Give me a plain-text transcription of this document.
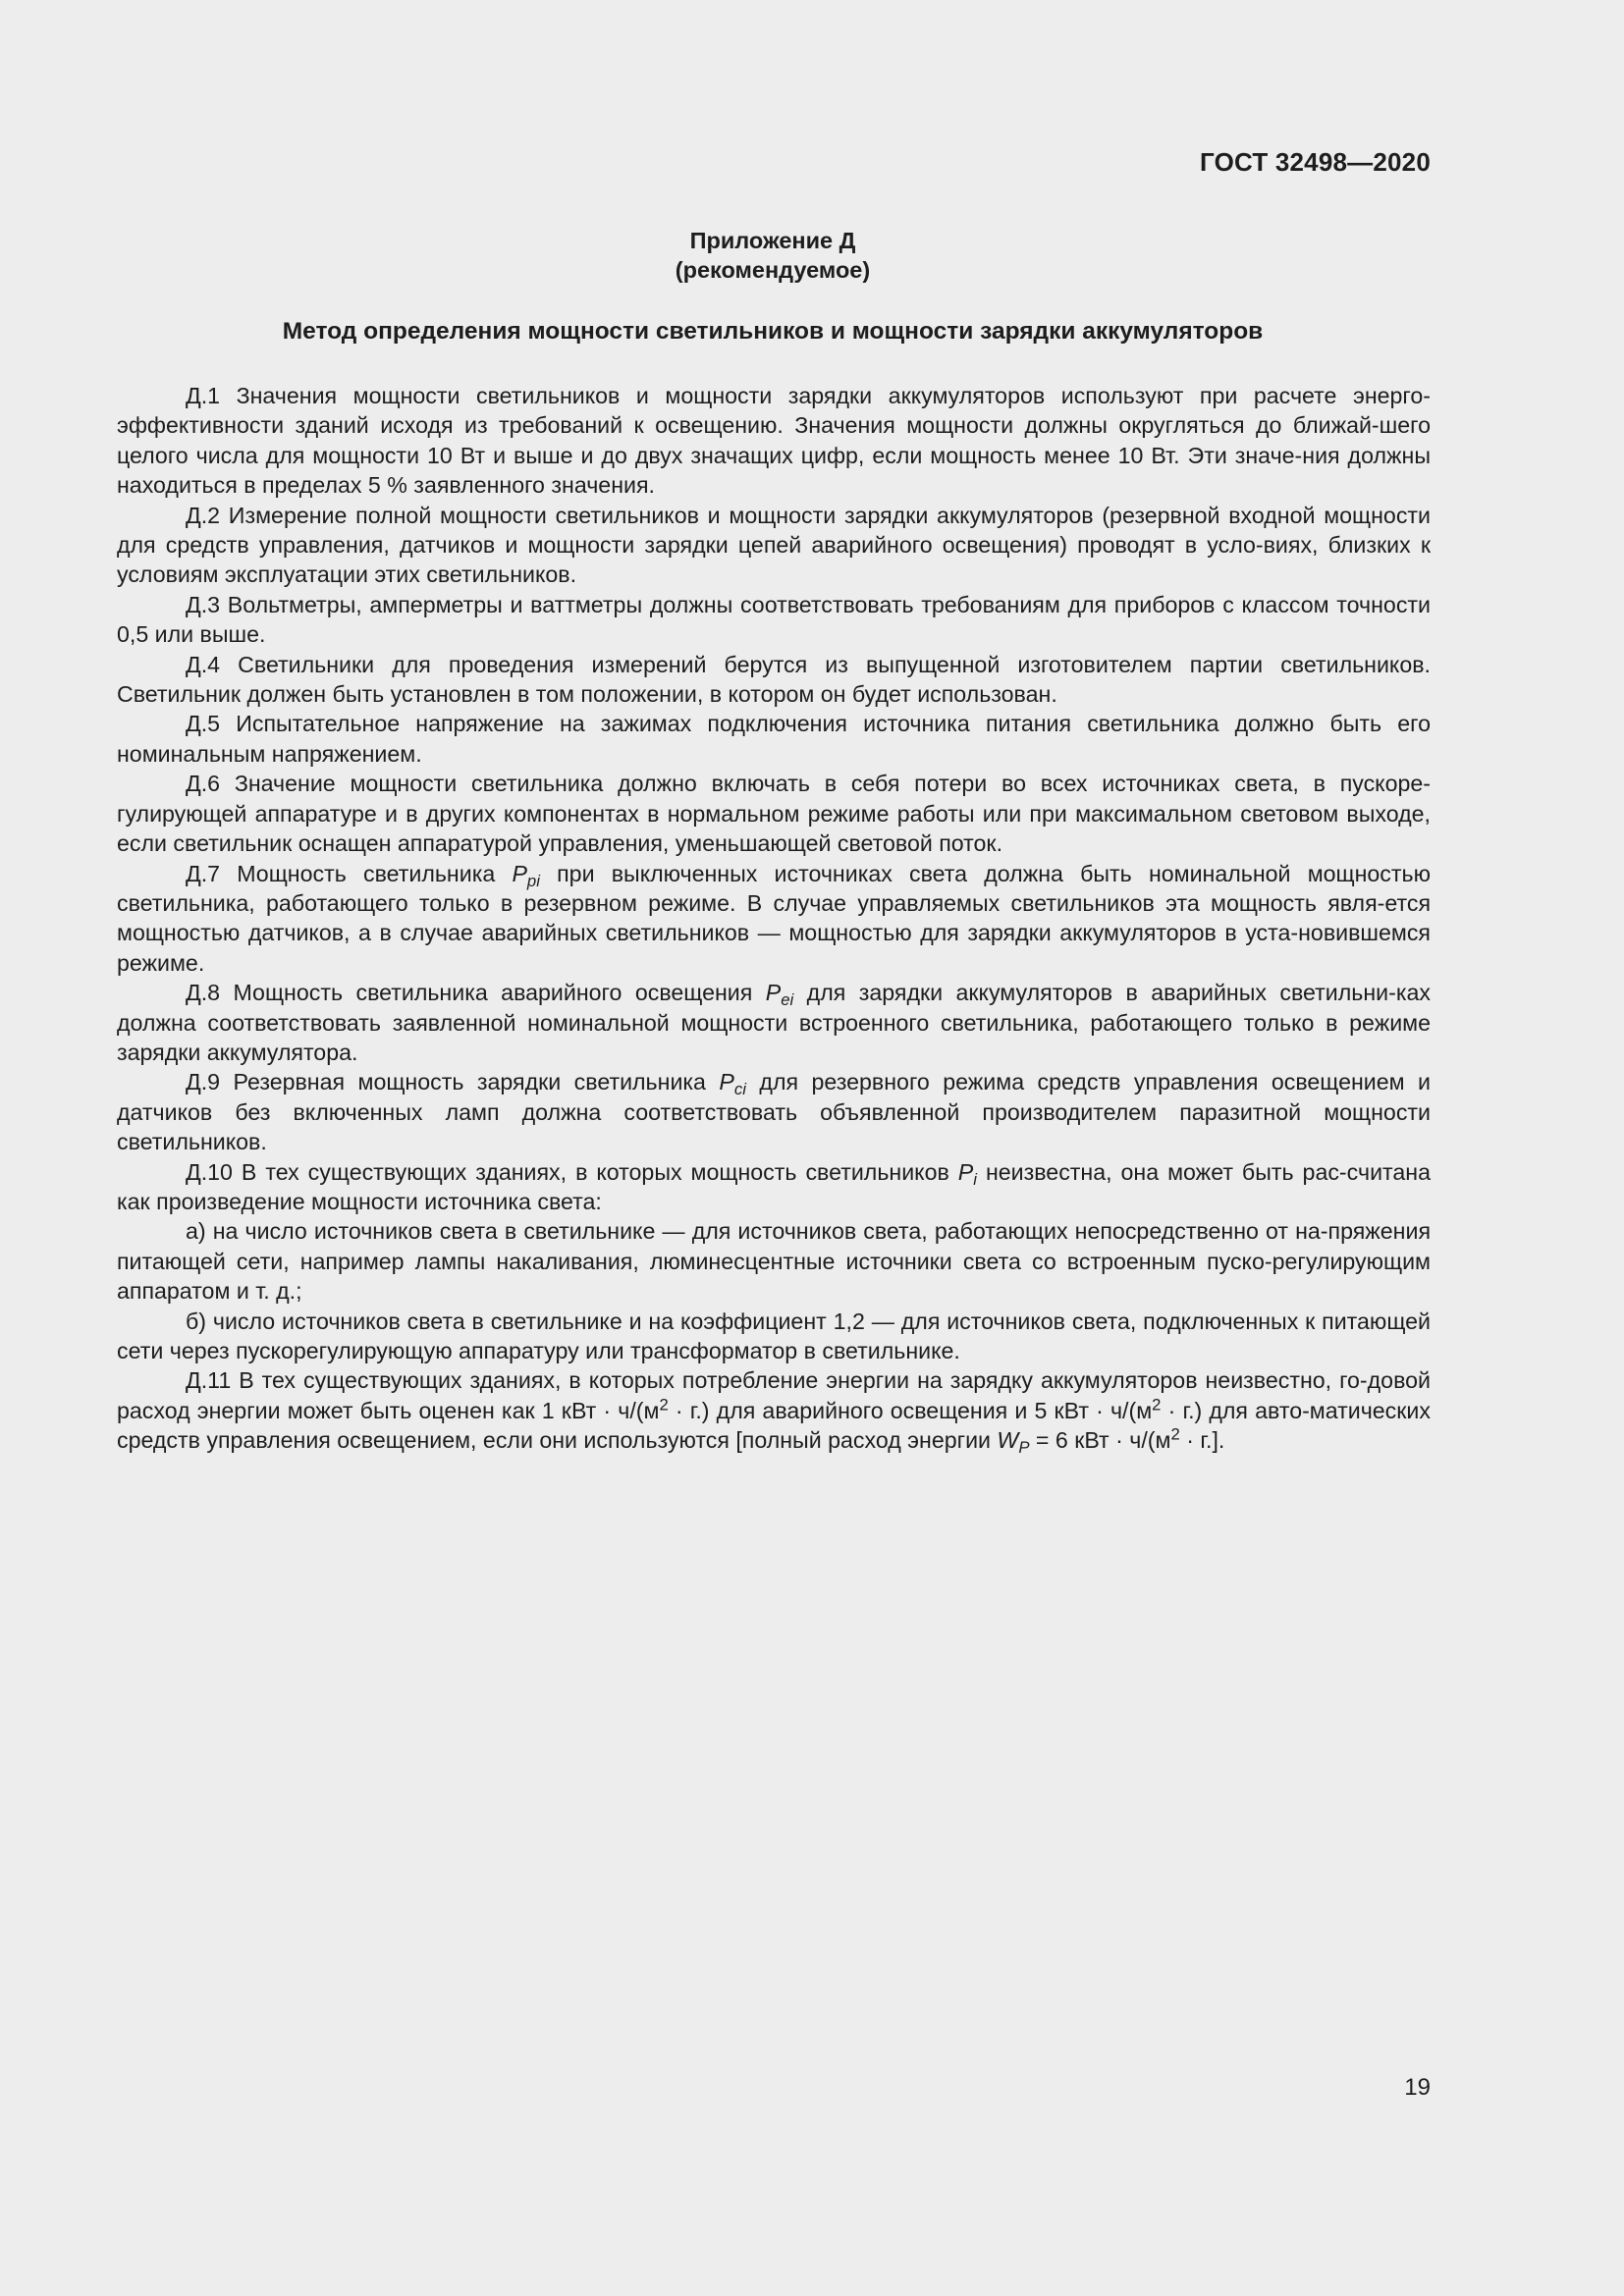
ГОСТ 32498—2020
Приложение Д
(рекомендуемое)
Метод определения мощности светильников и мощности зарядки аккумуляторов

Д.1 Значения мощности светильников и мощности зарядки аккумуляторов используют при расчете энерго-эффективности зданий исходя из требований к освещению. Значения мощности должны округляться до ближай-шего целого числа для мощности 10 Вт и выше и до двух значащих цифр, если мощность менее 10 Вт. Эти значе-ния должны находиться в пределах 5 % заявленного значения.

Д.2 Измерение полной мощности светильников и мощности зарядки аккумуляторов (резервной входной мощности для средств управления, датчиков и мощности зарядки цепей аварийного освещения) проводят в усло-виях, близких к условиям эксплуатации этих светильников.

Д.3 Вольтметры, амперметры и ваттметры должны соответствовать требованиям для приборов с классом точности 0,5 или выше.

Д.4 Светильники для проведения измерений берутся из выпущенной изготовителем партии светильников. Светильник должен быть установлен в том положении, в котором он будет использован.

Д.5 Испытательное напряжение на зажимах подключения источника питания светильника должно быть его номинальным напряжением.

Д.6 Значение мощности светильника должно включать в себя потери во всех источниках света, в пускоре-гулирующей аппаратуре и в других компонентах в нормальном режиме работы или при максимальном световом выходе, если светильник оснащен аппаратурой управления, уменьшающей световой поток.

Д.7 Мощность светильника $P_{pi}$ при выключенных источниках света должна быть номинальной мощностью светильника, работающего только в резервном режиме. В случае управляемых светильников эта мощность явля-ется мощностью датчиков, а в случае аварийных светильников — мощностью для зарядки аккумуляторов в уста-новившемся режиме.

Д.8 Мощность светильника аварийного освещения $P_{ei}$ для зарядки аккумуляторов в аварийных светильни-ках должна соответствовать заявленной номинальной мощности встроенного светильника, работающего только в режиме зарядки аккумулятора.

Д.9 Резервная мощность зарядки светильника $P_{ci}$ для резервного режима средств управления освещением и датчиков без включенных ламп должна соответствовать объявленной производителем паразитной мощности светильников.

Д.10 В тех существующих зданиях, в которых мощность светильников $P_i$ неизвестна, она может быть рас-считана как произведение мощности источника света:

а) на число источников света в светильнике — для источников света, работающих непосредственно от на-пряжения питающей сети, например лампы накаливания, люминесцентные источники света со встроенным пуско-регулирующим аппаратом и т. д.;

б) число источников света в светильнике и на коэффициент 1,2 — для источников света, подключенных к питающей сети через пускорегулирующую аппаратуру или трансформатор в светильнике.

Д.11 В тех существующих зданиях, в которых потребление энергии на зарядку аккумуляторов неизвестно, го-довой расход энергии может быть оценен как 1 кВт · $ч/(м^2 \cdot г.)$ для аварийного освещения и 5 кВт · $ч/(м^2 \cdot г.)$ для авто-матических средств управления освещением, если они используются [полный расход энергии $W_P = 6$ кВт · $ч/(м^2 \cdot г.]$.

19
